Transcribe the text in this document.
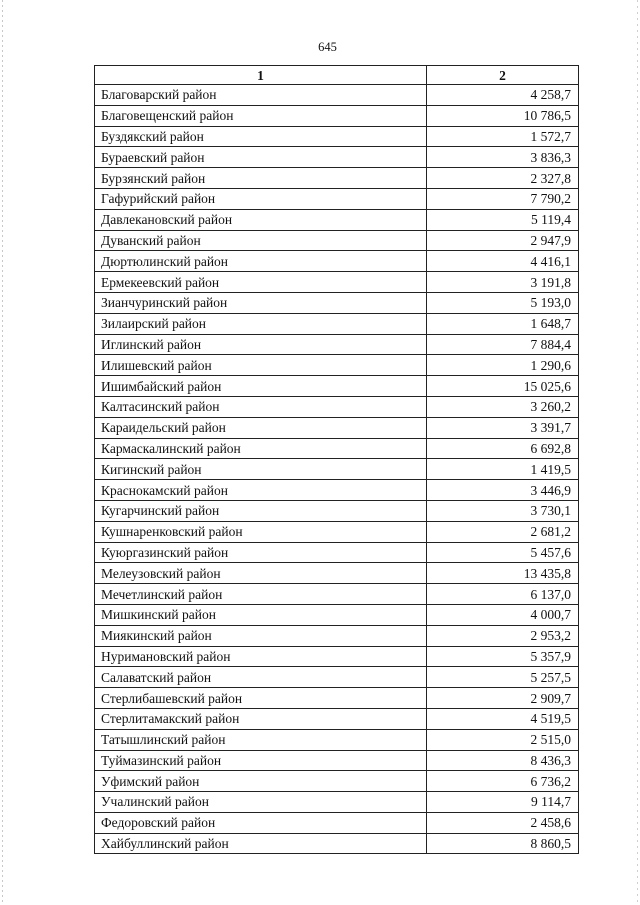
645
1	2
Благоварский район	4 258,7
Благовещенский район	10 786,5
Буздякский район	1 572,7
Бураевский район	3 836,3
Бурзянский район	2 327,8
Гафурийский район	7 790,2
Давлекановский район	5 119,4
Дуванский район	2 947,9
Дюртюлинский район	4 416,1
Ермекеевский район	3 191,8
Зианчуринский район	5 193,0
Зилаирский район	1 648,7
Иглинский район	7 884,4
Илишевский район	1 290,6
Ишимбайский район	15 025,6
Калтасинский район	3 260,2
Караидельский район	3 391,7
Кармаскалинский район	6 692,8
Кигинский район	1 419,5
Краснокамский район	3 446,9
Кугарчинский район	3 730,1
Кушнаренковский район	2 681,2
Куюргазинский район	5 457,6
Мелеузовский район	13 435,8
Мечетлинский район	6 137,0
Мишкинский район	4 000,7
Миякинский район	2 953,2
Нуримановский район	5 357,9
Салаватский район	5 257,5
Стерлибашевский район	2 909,7
Стерлитамакский район	4 519,5
Татышлинский район	2 515,0
Туймазинский район	8 436,3
Уфимский район	6 736,2
Учалинский район	9 114,7
Федоровский район	2 458,6
Хайбуллинский район	8 860,5
